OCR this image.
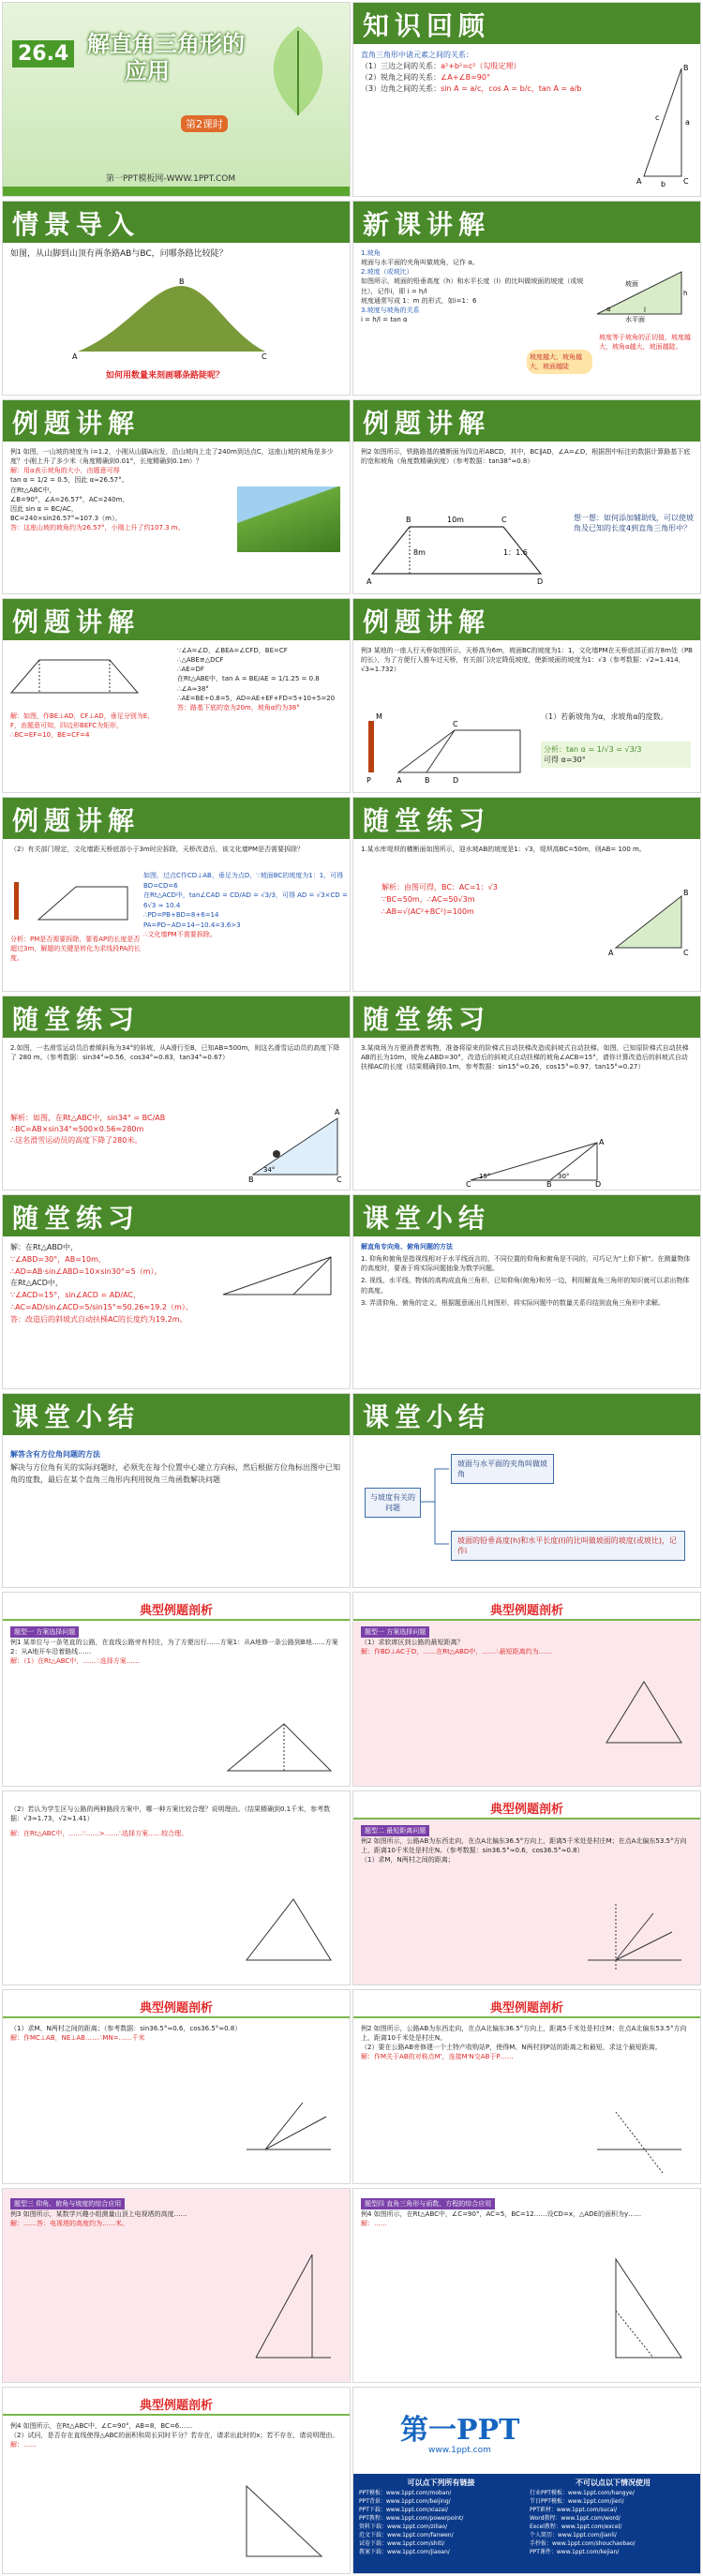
26.4 解直角三角形的
应用
第2课时
第一PPT模板网-WWW.1PPT.COM
知识回顾
直角三角形中诸元素之间的关系：
（1）三边之间的关系：a²+b²=c²（勾股定理）
（2）锐角之间的关系：∠A+∠B=90°
（3）边角之间的关系：sin A = a/c，cos A = b/c，tan A = a/b
B
C
A
a
b
c
情景导入
如图，从山脚到山顶有两条路AB与BC，问哪条路比较陡？
A
B
C
如何用数量来刻画哪条路陡呢？
新课讲解
1.坡角
坡面与水平面的夹角叫做坡角，记作 α。
2.坡度（或坡比）
如图所示，坡面的铅垂高度（h）和水平长度（l）的比叫做坡面的坡度（或坡比），记作i，即 i = h/l
坡度通常写成 1：m 的形式，如i=1：6
3.坡度与坡角的关系
i = h/l = tan α
坡面
水平面
h
l
α
坡度越大，坡角越大，坡面越陡
坡度等于坡角的正切值，坡度越大，坡角α越大，坡面越陡。
例题讲解
例1 如图，一山坡的坡度为 i=1.2，小刚从山脚A出发，沿山坡向上走了240m到达点C，这座山坡的坡角是多少度？小刚上升了多少米（角度精确到0.01°，长度精确到0.1m）？
解：用α表示坡角的大小，由题意可得
tan α = 1/2 = 0.5，因此 α≈26.57°。
在Rt△ABC中，
∠B=90°，∠A=26.57°，AC=240m，
因此 sin α = BC/AC，
BC=240×sin26.57°≈107.3（m）。
答：这座山坡的坡角约为26.57°，小刚上升了约107.3 m。
例题讲解
例2 如图所示，铁路路基的横断面为四边形ABCD，其中，BC∥AD，∠A=∠D，根据图中标注的数据计算路基下底的宽和坡角（角度数精确到度）（参考数据：tan38°≈0.8）
A
B	C
D
10m
8m	1：1.6
想一想：如何添加辅助线，可以使坡角及已知的长度4到直角三角形中？
例题讲解
解：如图，作BE⊥AD，CF⊥AD，垂足分别为E、F，由题意可知，四边形BEFC为矩形，∴BC=EF=10，BE=CF=4
∵∠A=∠D，∠BEA=∠CFD，BE=CF
∴△ABE≌△DCF
∴AE=DF
在Rt△ABE中，tan A = BE/AE = 1/1.25 = 0.8
∴∠A≈38°
∴AE=BE÷0.8=5，AD=AE+EF+FD=5+10+5=20
答：路基下底的宽为20m，坡角α约为38°
例题讲解
例3 某地的一座人行天桥如图所示，天桥高为6m，坡面BC的坡度为1：1，文化墙PM在天桥底部正前方8m处（PB的长），为了方便行人推车过天桥，有关部门决定降低坡度，使新坡面的坡度为1：√3（参考数据：√2≈1.414，√3≈1.732）
P	A	B
M
C
D
（1）若新坡角为α，求坡角α的度数。
分析：tan α = 1/√3 = √3/3
可得 α=30°
例题讲解
（2）有关部门规定，文化墙距天桥底部小于3m时应拆除，天桥改造后，该文化墙PM是否需要拆除？
如图，过点C作CD⊥AB，垂足为点D，∵坡面BC的坡度为1：1，可得BD=CD=6
在Rt△ACD中，tan∠CAD = CD/AD = √3/3，可得 AD = √3×CD = 6√3 ≈ 10.4
∴PD=PB+BD=8+6=14
PA=PD−AD=14−10.4=3.6>3
∴文化墙PM不需要拆除。
分析：PM是否需要拆除，要看AP的长度是否超过3m，解题的关键是转化为求线段PA的长度。
随堂练习
1.某水库堤坝的横断面如图所示，迎水坡AB的坡度是1：√3，堤坝高BC=50m，则AB= 100 m。
解析：由图可得，BC：AC=1：√3
∵BC=50m，∴AC=50√3m
∴AB=√(AC²+BC²)=100m
A
B
C
随堂练习
2.如图，一名滑雪运动员沿着倾斜角为34°的斜坡，从A滑行至B，已知AB=500m，则这名滑雪运动员的高度下降了 280 m。（参考数据：sin34°≈0.56，cos34°≈0.83，tan34°≈0.67）
解析：如图，在Rt△ABC中，sin34° = BC/AB
∴BC=AB×sin34°≈500×0.56≈280m
∴这名滑雪运动员的高度下降了280米。
A
B	C
34°
随堂练习
3.某商场为方便消费者购物，准备将原来的阶梯式自动扶梯改造成斜坡式自动扶梯。如图，已知原阶梯式自动扶梯AB的长为10m，坡角∠ABD=30°，改造后的斜坡式自动扶梯的坡角∠ACB=15°，请你计算改造后的斜坡式自动扶梯AC的长度（结果精确到0.1m，参考数据：sin15°≈0.26，cos15°≈0.97，tan15°≈0.27）
A
B
C	D
15°	30°
随堂练习
解：在Rt△ABD中，
∵∠ABD=30°，AB=10m，
∴AD=AB·sin∠ABD=10×sin30°=5（m）。
在Rt△ACD中，
∵∠ACD=15°，sin∠ACD = AD/AC，
∴AC=AD/sin∠ACD=5/sin15°≈50.26≈19.2（m）。
答：改造后的斜坡式自动扶梯AC的长度约为19.2m。
课堂小结
解直角专向角、俯角问题的方法
1. 仰角和俯角是指视线相对于水平线而言的，不同位置的仰角和俯角是不同的，可巧记为"上仰下俯"。在测量物体的高度时，要善于将实际问题抽象为数学问题。
2. 视线、水平线、物体的高构成直角三角形，已知仰角(俯角)和另一边，利用解直角三角形的知识就可以求出物体的高度。
3. 弄清仰角、俯角的定义，根据题意画出几何图形，将实际问题中的数量关系归结到直角三角形中求解。
课堂小结
解答含有方位角问题的方法
解决与方位角有关的实际问题时，必须先在每个位置中心建立方向标，然后根据方位角标出图中已知角的度数，最后在某个直角三角形内利用锐角三角函数解决问题
课堂小结
与坡度有关的问题
坡面与水平面的夹角叫做坡角
坡面的铅垂高度(h)和水平长度(l)的比叫做坡面的坡度(或坡比)，记作i
典型例题剖析
题型一 方案选择问题
例1 某单位与一条笔直的公路，在直线公路旁有村庄，为了方便出行……方案1：从A地修一条公路到B地……方案2：从A地开车沿着路线……
解：（1）在Rt△ABC中，……∴选择方案……
典型例题剖析
题型一 方案选择问题
（1）求软席区到公路的最短距离？
解：作BD⊥AC于D，……在Rt△ABD中，……∴最短距离约为……
（2）若认为学生区与公路的两种路段方案中，哪一种方案比较合理？说明理由。（结果精确到0.1千米，参考数据：√3≈1.73，√2≈1.41）
解：在Rt△ABC中，……∵……>……∴选择方案……较合理。
典型例题剖析
题型二 最短距离问题
例2 如图所示，公路AB为东西走向，在点A北偏东36.5°方向上，距离5千米处是村庄M；在点A北偏东53.5°方向上，距离10千米处是村庄N。（参考数据：sin36.5°≈0.6，cos36.5°≈0.8）
（1）求M，N两村之间的距离；
典型例题剖析
（1）求M、N两村之间的距离；（参考数据：sin36.5°≈0.6，cos36.5°≈0.8）
解：作MC⊥AB，NE⊥AB……∴MN=……千米
典型例题剖析
例2 如图所示，公路AB为东西走向，在点A北偏东36.5°方向上，距离5千米处是村庄M；在点A北偏东53.5°方向上，距离10千米处是村庄N。
（2）要在公路AB旁修建一个土特产收购站P，使得M、N两村到P站的距离之和最短，求这个最短距离。
解：作M关于AB的对称点M'，连接M'N交AB于P……
题型三 仰角、俯角与坡度的综合应用
例3 如图所示，某数学兴趣小组测量山顶上电视塔的高度……
解：……答：电视塔的高度约为……米。
题型四 直角三角形与函数、方程的综合应用
例4 如图所示，在Rt△ABC中，∠C=90°，AC=5，BC=12……设CD=x，△ADE的面积为y……
解：……
典型例题剖析
例4 如图所示，在Rt△ABC中，∠C=90°，AB=8，BC=6……
（2）试问，是否存在直线使得△ABC的面积和周长同时平分？若存在，请求出此时的x；若不存在，请说明理由。
解：……	第一PPT
www.1ppt.com
可以点下列所有链接
PPT模板：www.1ppt.com/moban/
PPT背景：www.1ppt.com/beijing/
PPT下载：www.1ppt.com/xiazai/
PPT教程：www.1ppt.com/powerpoint/
资料下载：www.1ppt.com/ziliao/
范文下载：www.1ppt.com/fanwen/
试卷下载：www.1ppt.com/shiti/
教案下载：www.1ppt.com/jiaoan/
不可以点以下情况使用
行业PPT模板：www.1ppt.com/hangye/
节日PPT模板：www.1ppt.com/jieri/
PPT素材：www.1ppt.com/sucai/
Word教程：www.1ppt.com/word/
Excel教程：www.1ppt.com/excel/
个人简历：www.1ppt.com/jianli/
手抄报：www.1ppt.com/shouchaobao/
PPT课件：www.1ppt.com/kejian/
